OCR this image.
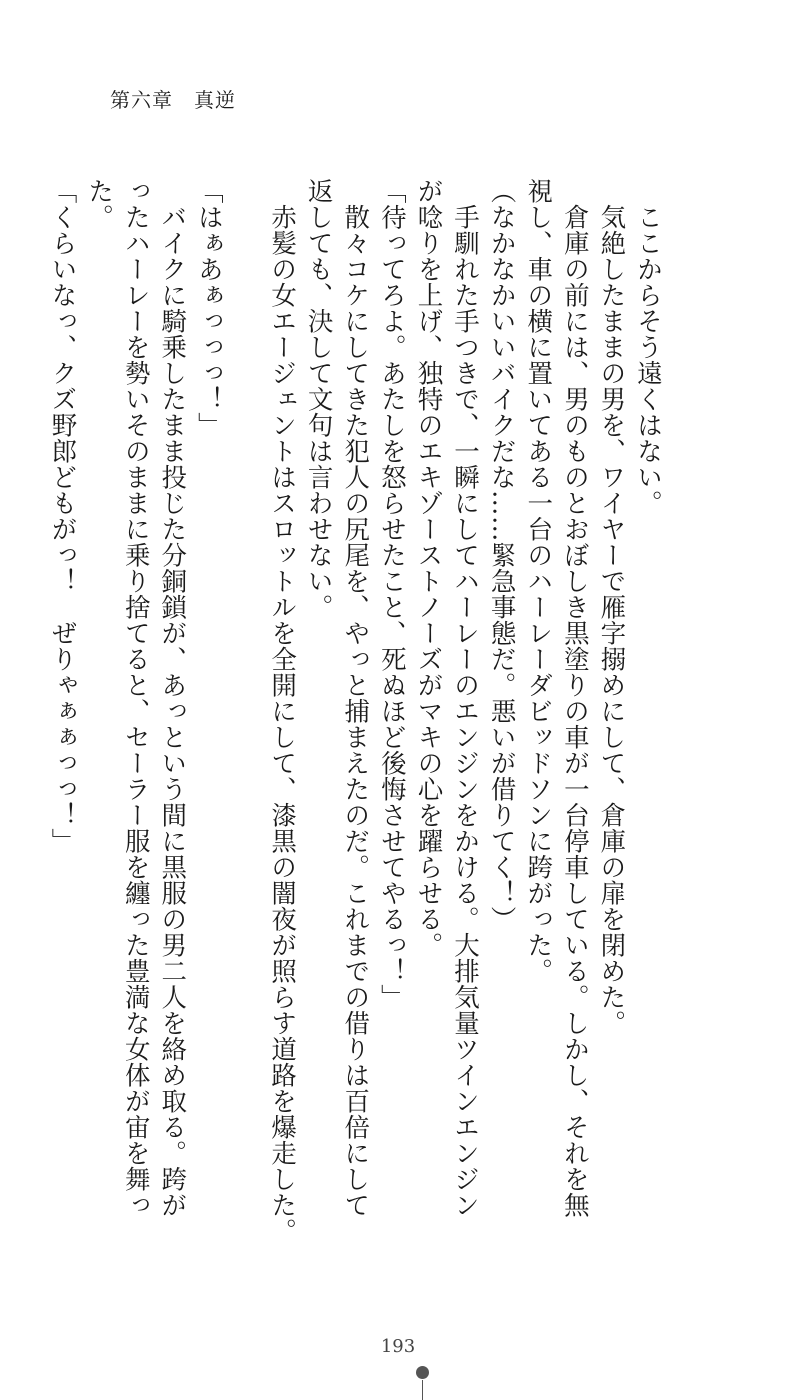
第六章　真逆
　ここからそう遠くはない。
　気絶したままの男を、ワイヤーで雁字搦めにして、倉庫の扉を閉めた。
　倉庫の前には、男のものとおぼしき黒塗りの車が一台停車している。しかし、それを無
視し、車の横に置いてある一台のハーレーダビッドソンに跨がった。
（なかなかいいバイクだな……緊急事態だ。悪いが借りてく！）
　手馴れた手つきで、一瞬にしてハーレーのエンジンをかける。大排気量ツインエンジン
が唸りを上げ、独特のエキゾーストノーズがマキの心を躍らせる。
「待ってろよ。あたしを怒らせたこと、死ぬほど後悔させてやるっ！」
　散々コケにしてきた犯人の尻尾を、やっと捕まえたのだ。これまでの借りは百倍にして
返しても、決して文句は言わせない。
　赤髪の女エージェントはスロットルを全開にして、漆黒の闇夜が照らす道路を爆走した。
「はぁあぁっっっ！」
　バイクに騎乗したまま投じた分銅鎖が、あっという間に黒服の男二人を絡め取る。跨が
ったハーレーを勢いそのままに乗り捨てると、セーラー服を纏った豊満な女体が宙を舞っ
た。
「くらいなっ、クズ野郎どもがっ！　ぜりゃぁぁっっ！」
193
